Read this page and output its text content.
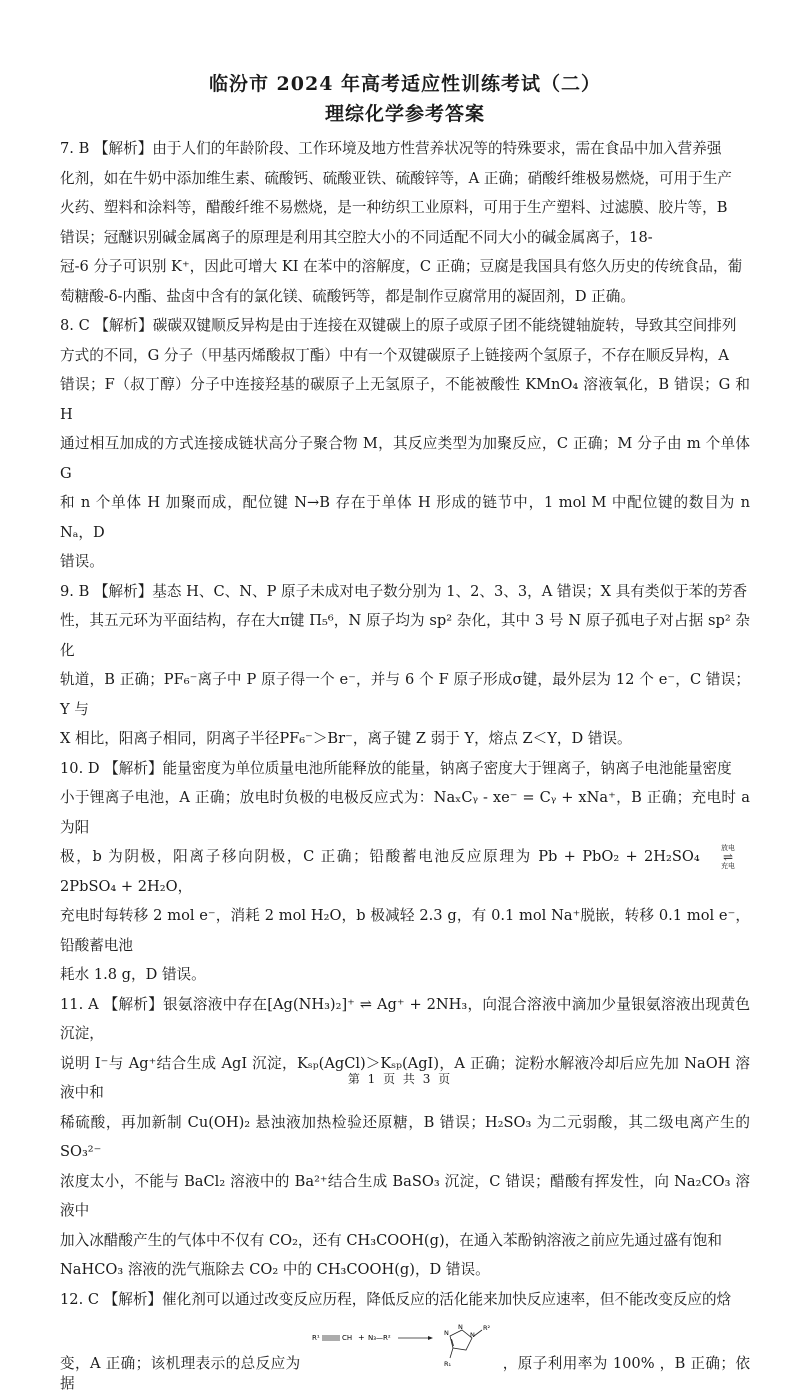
临汾市 2024 年高考适应性训练考试（二）
理综化学参考答案

7. B 【解析】由于人们的年龄阶段、工作环境及地方性营养状况等的特殊要求，需在食品中加入营养强

化剂，如在牛奶中添加维生素、硫酸钙、硫酸亚铁、硫酸锌等，A 正确；硝酸纤维极易燃烧，可用于生产

火药、塑料和涂料等，醋酸纤维不易燃烧，是一种纺织工业原料，可用于生产塑料、过滤膜、胶片等，B

错误；冠醚识别碱金属离子的原理是利用其空腔大小的不同适配不同大小的碱金属离子，18-

冠-6 分子可识别 K⁺，因此可增大 KI 在苯中的溶解度，C 正确；豆腐是我国具有悠久历史的传统食品，葡

萄糖酸-δ-内酯、盐卤中含有的氯化镁、硫酸钙等，都是制作豆腐常用的凝固剂，D 正确。

8. C 【解析】碳碳双键顺反异构是由于连接在双键碳上的原子或原子团不能绕键轴旋转，导致其空间排列

方式的不同，G 分子（甲基丙烯酸叔丁酯）中有一个双键碳原子上链接两个氢原子，不存在顺反异构，A

错误；F（叔丁醇）分子中连接羟基的碳原子上无氢原子，不能被酸性 KMnO₄ 溶液氧化，B 错误；G 和 H

通过相互加成的方式连接成链状高分子聚合物 M，其反应类型为加聚反应，C 正确；M 分子由 m 个单体 G

和 n 个单体 H 加聚而成，配位键 N→B 存在于单体 H 形成的链节中，1 mol M 中配位键的数目为 n Nₐ，D

错误。

9. B 【解析】基态 H、C、N、P 原子未成对电子数分别为 1、2、3、3，A 错误；X 具有类似于苯的芳香

性，其五元环为平面结构，存在大π键 Π₅⁶，N 原子均为 sp² 杂化，其中 3 号 N 原子孤电子对占据 sp² 杂化

轨道，B 正确；PF₆⁻离子中 P 原子得一个 e⁻，并与 6 个 F 原子形成σ键，最外层为 12 个 e⁻，C 错误；Y 与

X 相比，阳离子相同，阴离子半径PF₆⁻＞Br⁻，离子键 Z 弱于 Y，熔点 Z＜Y，D 错误。

10. D 【解析】能量密度为单位质量电池所能释放的能量，钠离子密度大于锂离子，钠离子电池能量密度

小于锂离子电池，A 正确；放电时负极的电极反应式为：NaₓCᵧ - xe⁻ = Cᵧ + xNa⁺，B 正确；充电时 a 为阳

极，b 为阴极，阳离子移向阴极，C 正确；铅酸蓄电池反应原理为 Pb + PbO₂ + 2H₂SO₄	放电
⇌
充电
2PbSO₄ + 2H₂O，

充电时每转移 2 mol e⁻，消耗 2 mol H₂O，b 极减轻 2.3 g，有 0.1 mol Na⁺脱嵌，转移 0.1 mol e⁻，铅酸蓄电池

耗水 1.8 g，D 错误。

11. A 【解析】银氨溶液中存在[Ag(NH₃)₂]⁺ ⇌ Ag⁺ + 2NH₃，向混合溶液中滴加少量银氨溶液出现黄色沉淀，

说明 I⁻与 Ag⁺结合生成 AgI 沉淀，Kₛₚ(AgCl)＞Kₛₚ(AgI)，A 正确；淀粉水解液冷却后应先加 NaOH 溶液中和

稀硫酸，再加新制 Cu(OH)₂ 悬浊液加热检验还原糖，B 错误；H₂SO₃ 为二元弱酸，其二级电离产生的 SO₃²⁻

浓度太小，不能与 BaCl₂ 溶液中的 Ba²⁺结合生成 BaSO₃ 沉淀，C 错误；醋酸有挥发性，向 Na₂CO₃ 溶液中

加入冰醋酸产生的气体中不仅有 CO₂，还有 CH₃COOH(g)，在通入苯酚钠溶液之前应先通过盛有饱和

NaHCO₃ 溶液的洗气瓶除去 CO₂ 中的 CH₃COOH(g)，D 错误。

12. C 【解析】催化剂可以通过改变反应历程，降低反应的活化能来加快反应速率，但不能改变反应的焓

变，A 正确；该机理表示的总反应为
R¹	CH + N₃—R²
N
N
N
R²
R₁	，原子利用率为 100% ，B 正确；依据

第 1 页 共 3 页
